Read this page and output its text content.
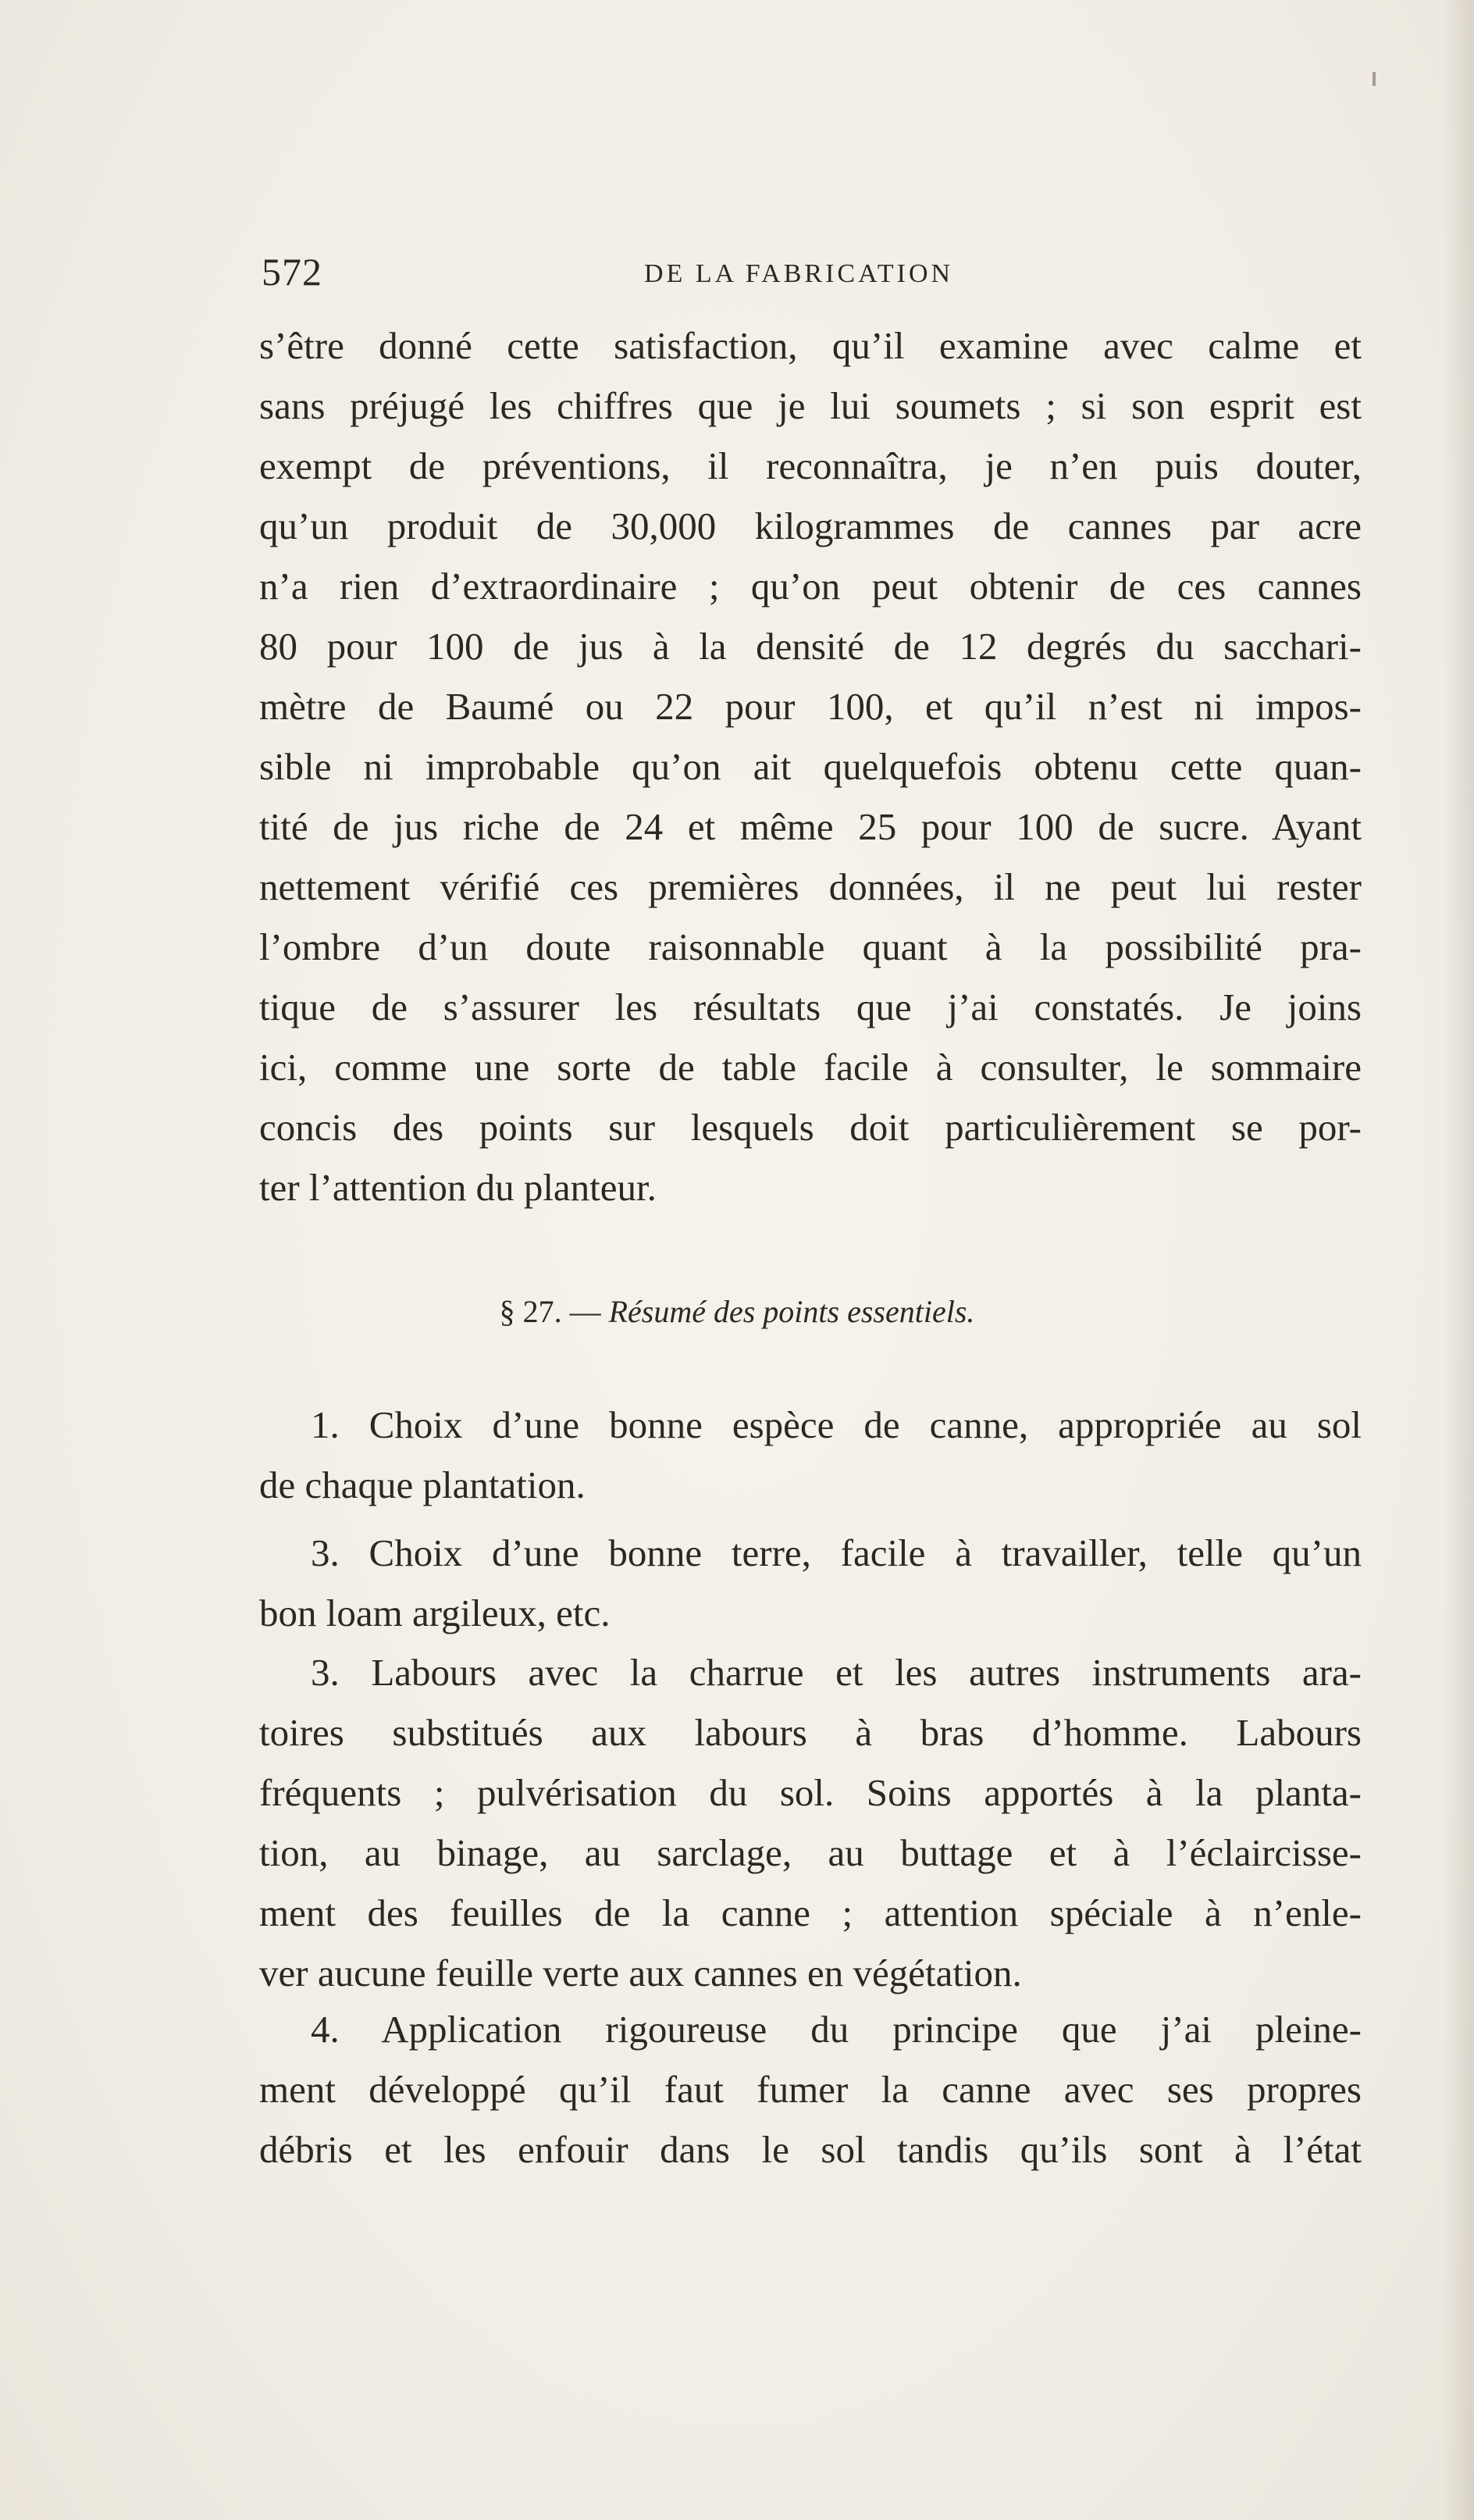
572	DE LA FABRICATION
s’être donné cette satisfaction, qu’il examine avec calme et
sans préjugé les chiffres que je lui soumets ; si son esprit est
exempt de préventions, il reconnaîtra, je n’en puis douter,
qu’un produit de 30,000 kilogrammes de cannes par acre
n’a rien d’extraordinaire ; qu’on peut obtenir de ces cannes
80 pour 100 de jus à la densité de 12 degrés du sacchari-
mètre de Baumé ou 22 pour 100, et qu’il n’est ni impos-
sible ni improbable qu’on ait quelquefois obtenu cette quan-
tité de jus riche de 24 et même 25 pour 100 de sucre. Ayant
nettement vérifié ces premières données, il ne peut lui rester
l’ombre d’un doute raisonnable quant à la possibilité pra-
tique de s’assurer les résultats que j’ai constatés. Je joins
ici, comme une sorte de table facile à consulter, le sommaire
concis des points sur lesquels doit particulièrement se por-
ter l’attention du planteur.
§ 27. — Résumé des points essentiels.
1. Choix d’une bonne espèce de canne, appropriée au sol
de chaque plantation.
3. Choix d’une bonne terre, facile à travailler, telle qu’un
bon loam argileux, etc.
3. Labours avec la charrue et les autres instruments ara-
toires substitués aux labours à bras d’homme. Labours
fréquents ; pulvérisation du sol. Soins apportés à la planta-
tion, au binage, au sarclage, au buttage et à l’éclaircisse-
ment des feuilles de la canne ; attention spéciale à n’enle-
ver aucune feuille verte aux cannes en végétation.
4. Application rigoureuse du principe que j’ai pleine-
ment développé qu’il faut fumer la canne avec ses propres
débris et les enfouir dans le sol tandis qu’ils sont à l’état
